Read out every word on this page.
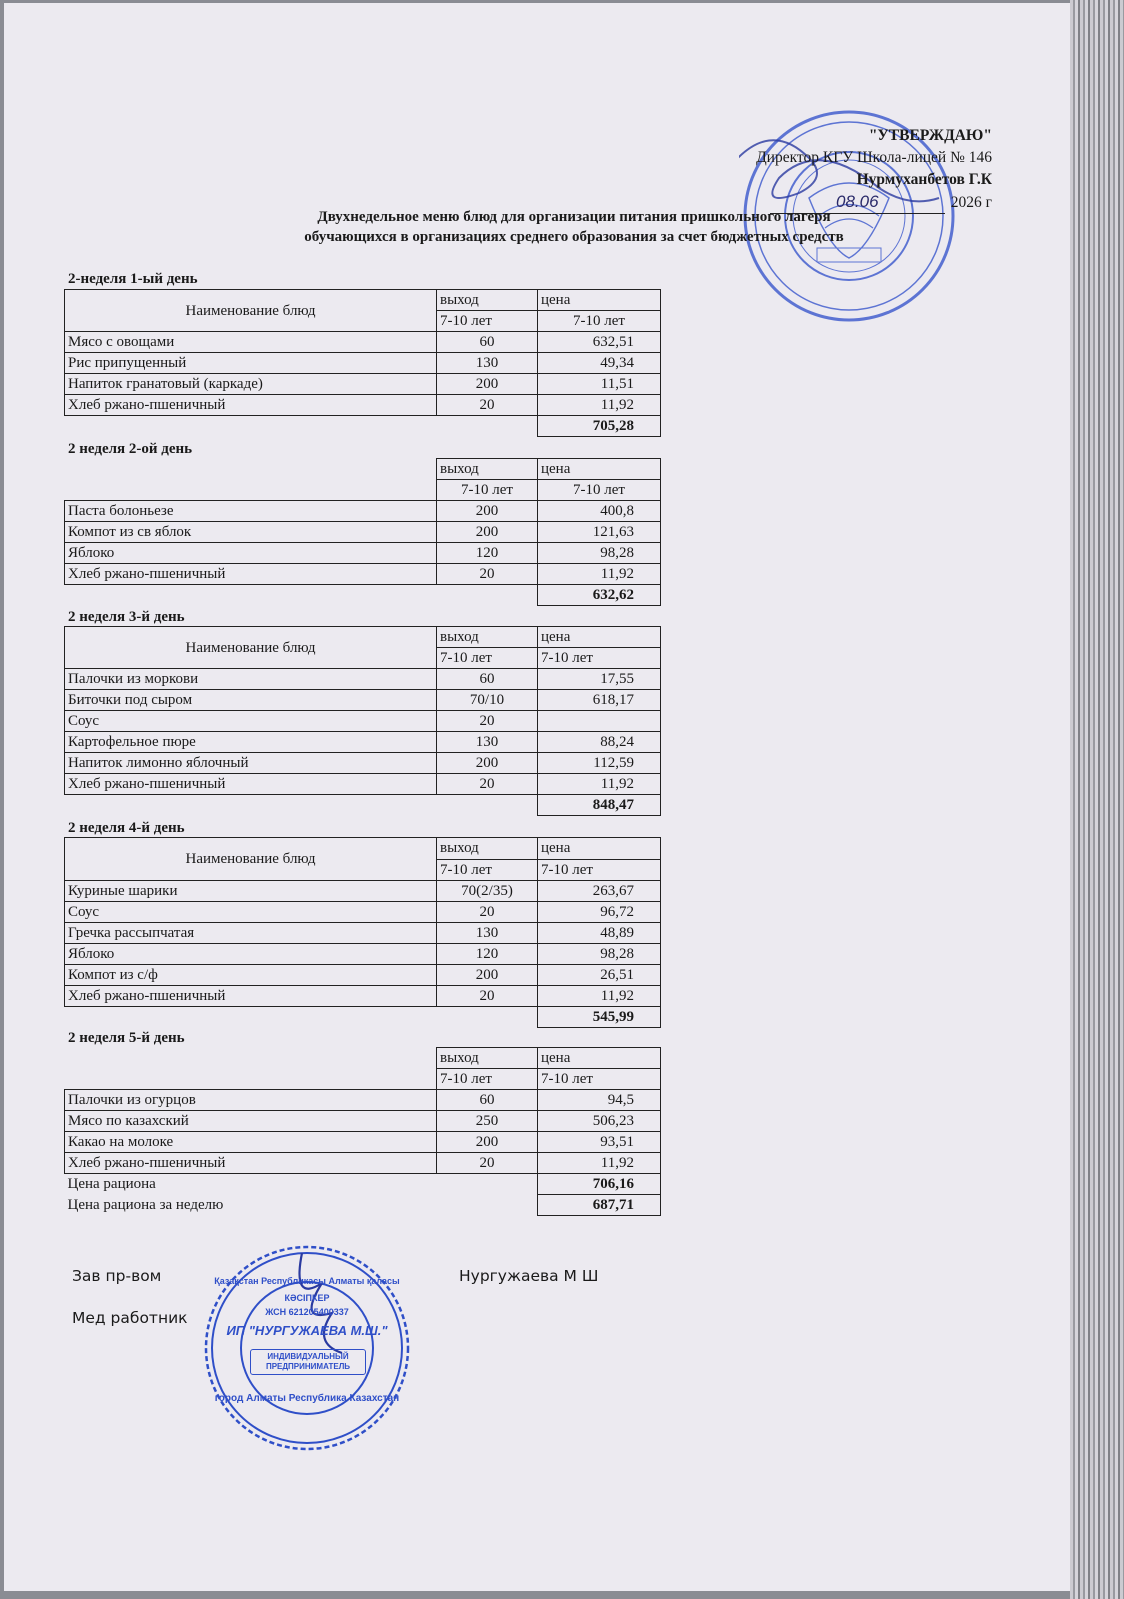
"УТВЕРЖДАЮ"
Директор КГУ Школа-лицей № 146
Нурмуханбетов Г.К
08.06	2026 г
Двухнедельное меню блюд для организации питания пришкольного лагеря
обучающихся в организациях среднего образования за счет бюджетных средств
2-неделя 1-ый день
Наименование блюд	выход	цена
	7-10 лет	7-10 лет
Мясо с овощами	60	632,51
Рис припущенный	130	49,34
Напиток гранатовый (каркаде)	200	11,51
Хлеб ржано-пшеничный	20	11,92
		705,28
2 неделя 2-ой день
	выход	цена
	7-10 лет	7-10 лет
Паста болоньезе	200	400,8
Компот из св яблок	200	121,63
Яблоко	120	98,28
Хлеб ржано-пшеничный	20	11,92
		632,62
2 неделя 3-й день
Наименование блюд	выход	цена
	7-10 лет	7-10 лет
Палочки из моркови	60	17,55
Биточки под сыром	70/10	618,17
Соус	20	
Картофельное пюре	130	88,24
Напиток лимонно яблочный	200	112,59
Хлеб ржано-пшеничный	20	11,92
		848,47
2 неделя 4-й день
Наименование блюд	выход	цена
	7-10 лет	7-10 лет
Куриные шарики	70(2/35)	263,67
Соус	20	96,72
Гречка рассыпчатая	130	48,89
Яблоко	120	98,28
Компот из с/ф	200	26,51
Хлеб ржано-пшеничный	20	11,92
		545,99
2 неделя 5-й день
	выход	цена
	7-10 лет	7-10 лет
Палочки из огурцов	60	94,5
Мясо по казахский	250	506,23
Какао на молоке	200	93,51
Хлеб ржано-пшеничный	20	11,92
Цена рациона		706,16
Цена рациона за неделю		687,71
Зав пр-вом	Нургужаева М Ш
Мед работник
Қазақстан Республикасы Алматы қаласы
КӘСІПКЕР
ЖСН 621205400337
ИП "НУРГУЖАЕВА М.Ш."
ИНДИВИДУАЛЬНЫЙ
ПРЕДПРИНИМАТЕЛЬ
город Алматы Республика Казахстан
